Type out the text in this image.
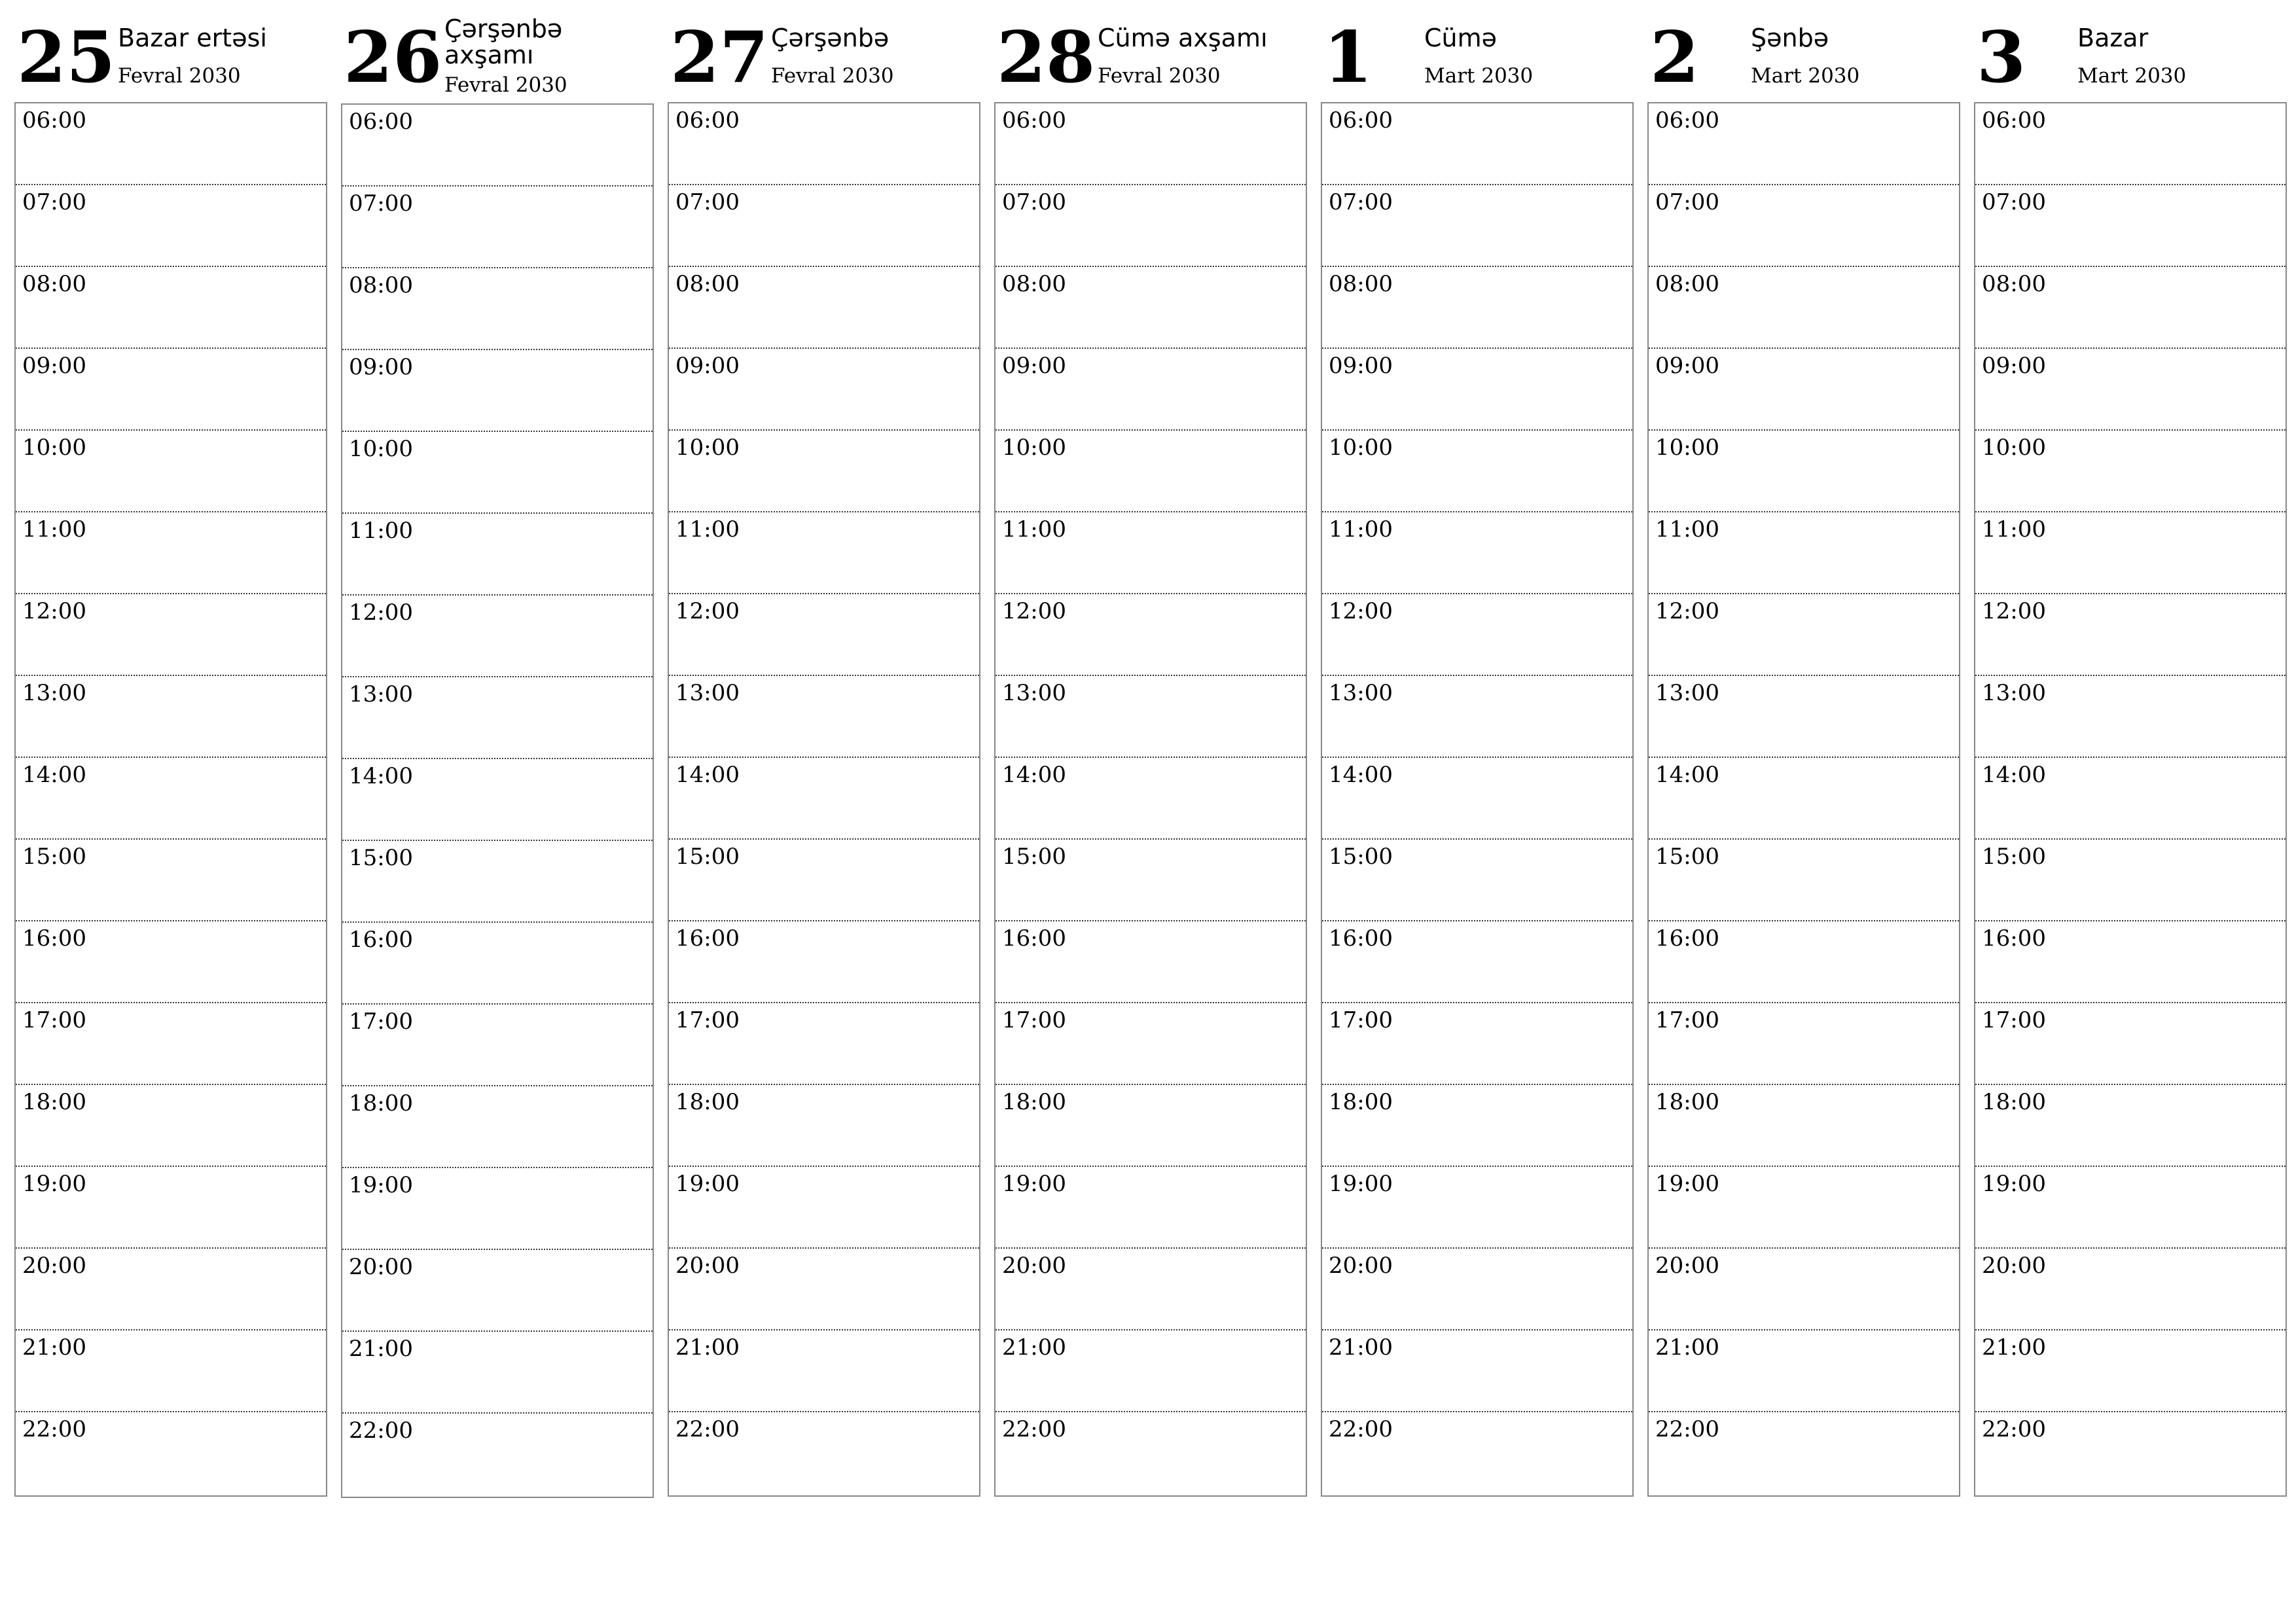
25 Bazar ertəsi
Fevral 2030
06:00
07:00
08:00
09:00
10:00
11:00
12:00
13:00
14:00
15:00
16:00
17:00
18:00
19:00
20:00
21:00
22:00
26 Çərşənbə axşamı
Fevral 2030
06:00
07:00
08:00
09:00
10:00
11:00
12:00
13:00
14:00
15:00
16:00
17:00
18:00
19:00
20:00
21:00
22:00
27 Çərşənbə
Fevral 2030
06:00
07:00
08:00
09:00
10:00
11:00
12:00
13:00
14:00
15:00
16:00
17:00
18:00
19:00
20:00
21:00
22:00
28 Cümə axşamı
Fevral 2030
06:00
07:00
08:00
09:00
10:00
11:00
12:00
13:00
14:00
15:00
16:00
17:00
18:00
19:00
20:00
21:00
22:00
1 Cümə
Mart 2030
06:00
07:00
08:00
09:00
10:00
11:00
12:00
13:00
14:00
15:00
16:00
17:00
18:00
19:00
20:00
21:00
22:00
2 Şənbə
Mart 2030
06:00
07:00
08:00
09:00
10:00
11:00
12:00
13:00
14:00
15:00
16:00
17:00
18:00
19:00
20:00
21:00
22:00
3 Bazar
Mart 2030
06:00
07:00
08:00
09:00
10:00
11:00
12:00
13:00
14:00
15:00
16:00
17:00
18:00
19:00
20:00
21:00
22:00
